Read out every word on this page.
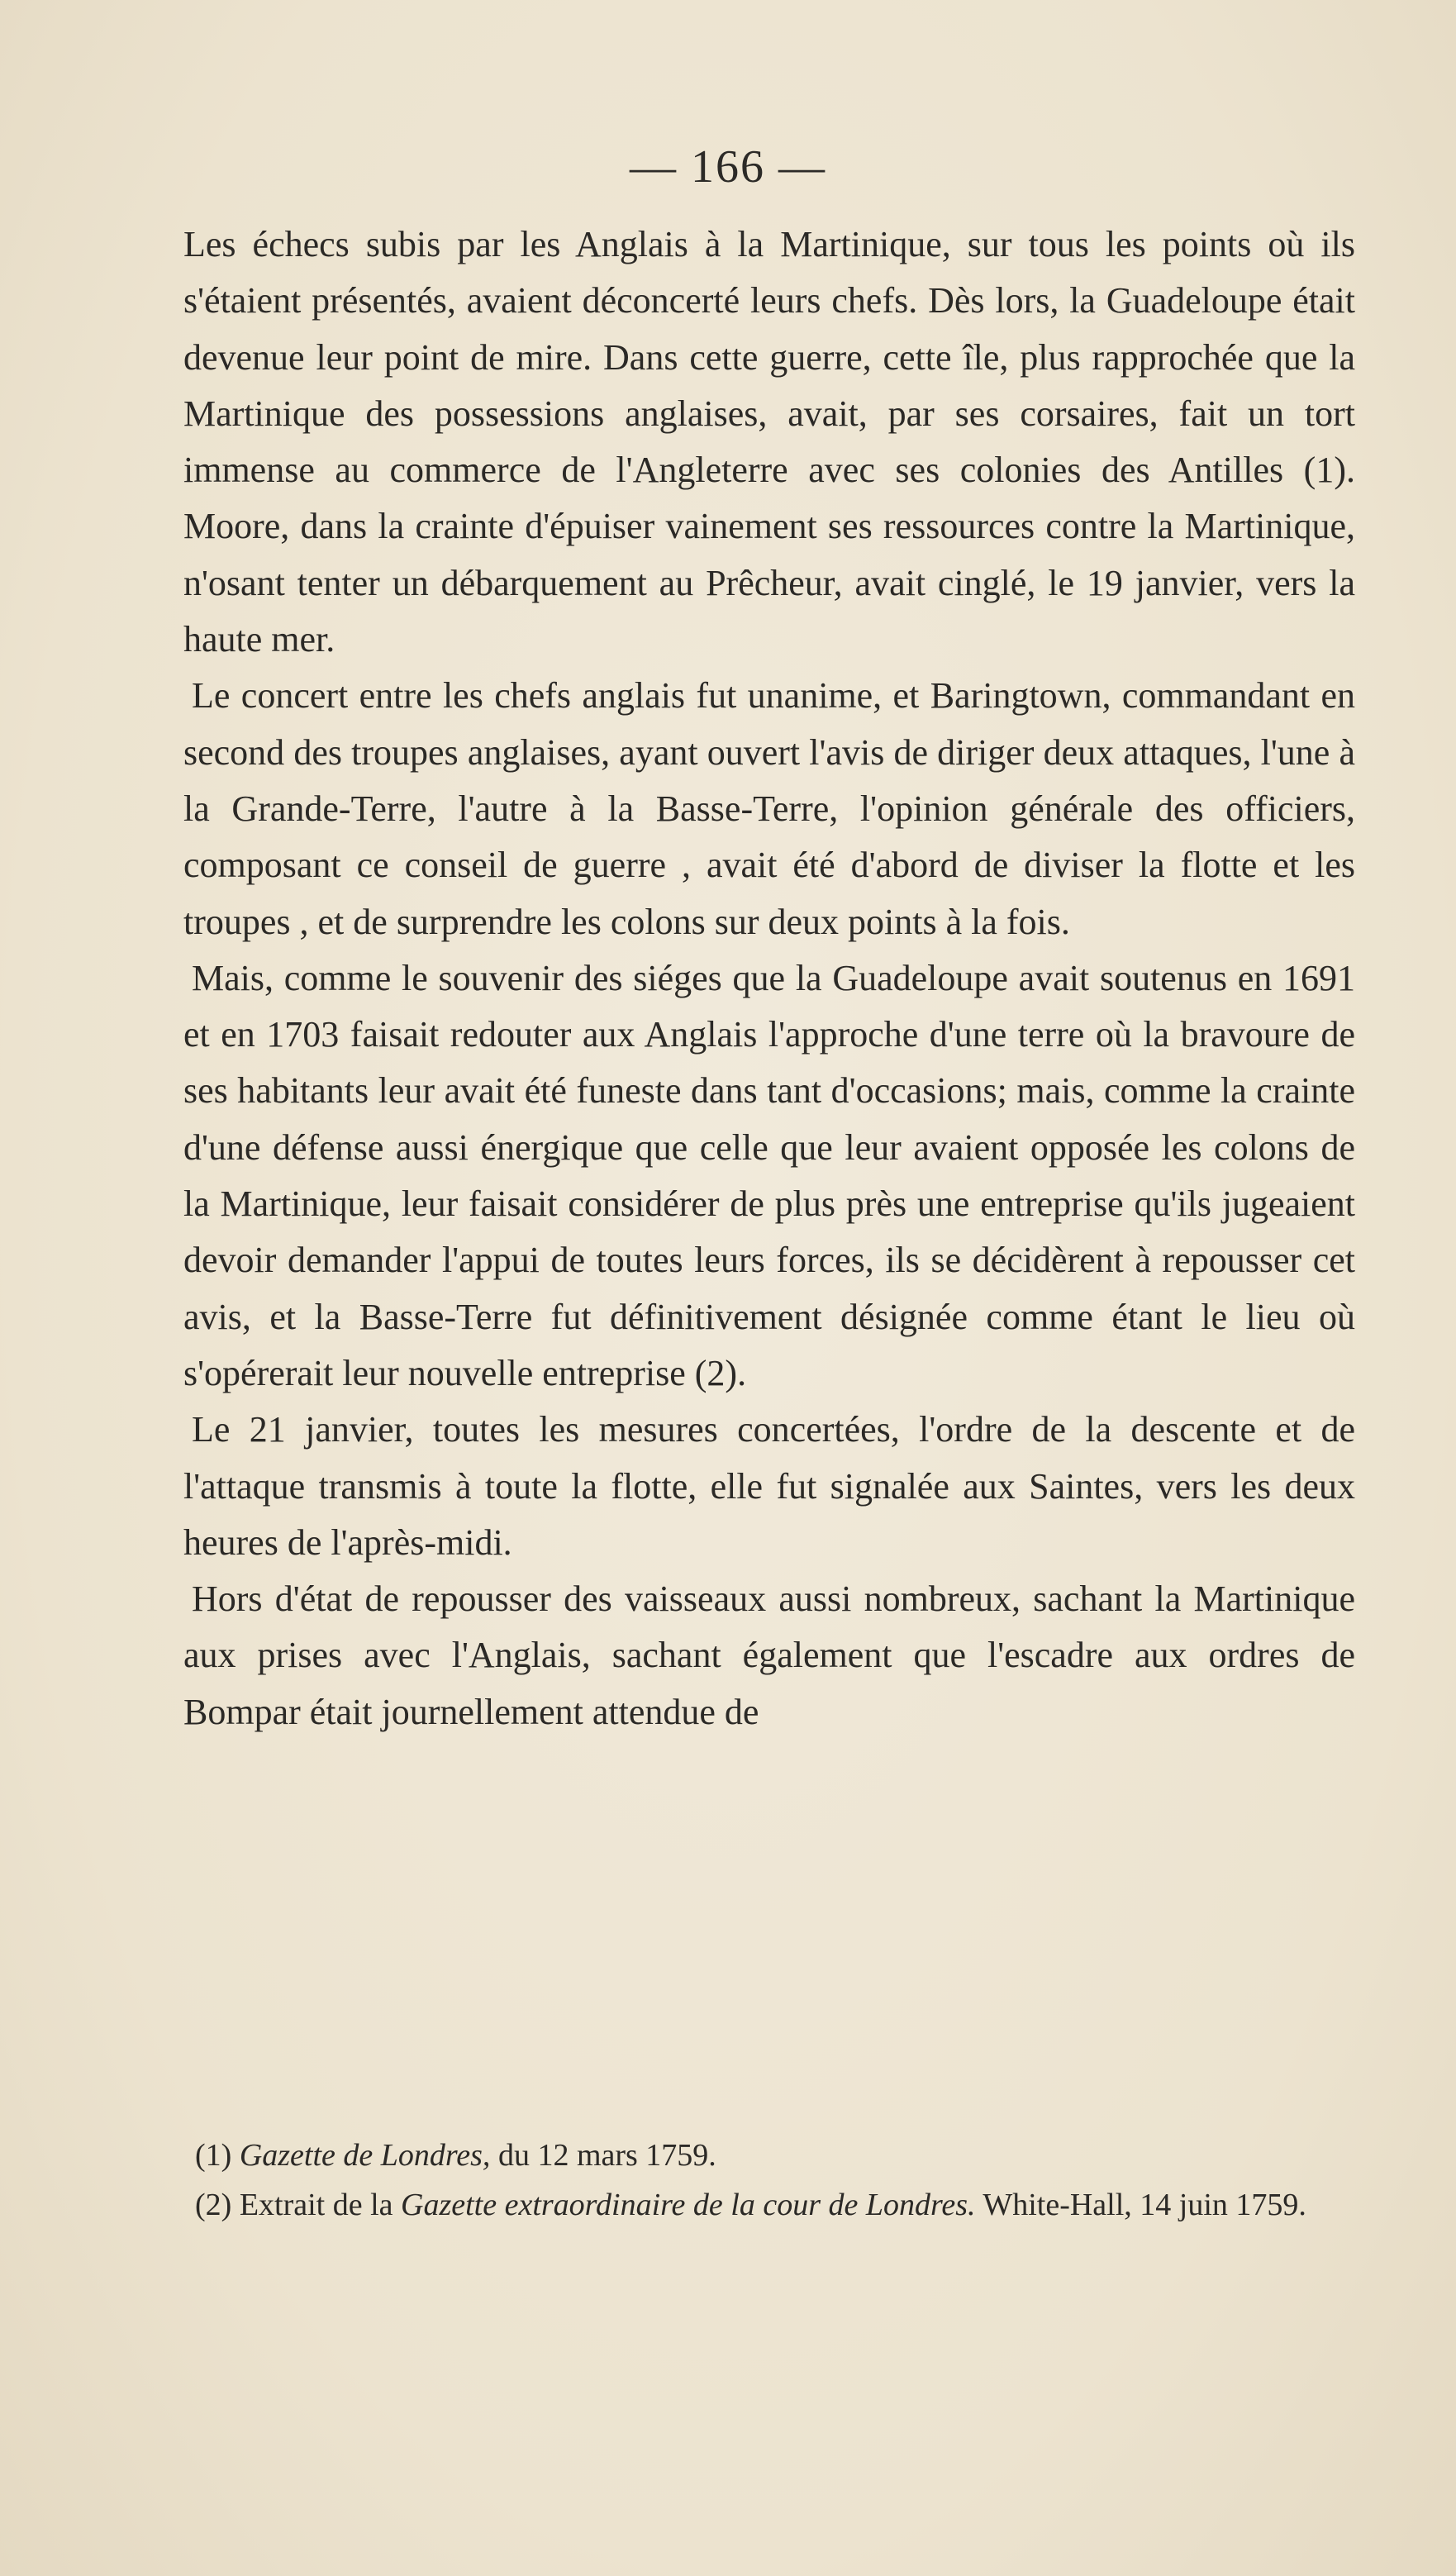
— 166 —

Les échecs subis par les Anglais à la Martinique, sur tous les points où ils s'étaient présentés, avaient déconcerté leurs chefs. Dès lors, la Guadeloupe était devenue leur point de mire. Dans cette guerre, cette île, plus rapprochée que la Martinique des possessions anglaises, avait, par ses corsaires, fait un tort immense au commerce de l'Angleterre avec ses colonies des Antilles (1). Moore, dans la crainte d'épuiser vainement ses ressources contre la Martinique, n'osant tenter un débarquement au Prêcheur, avait cinglé, le 19 janvier, vers la haute mer.

Le concert entre les chefs anglais fut unanime, et Baringtown, commandant en second des troupes anglaises, ayant ouvert l'avis de diriger deux attaques, l'une à la Grande-Terre, l'autre à la Basse-Terre, l'opinion générale des officiers, composant ce conseil de guerre , avait été d'abord de diviser la flotte et les troupes , et de surprendre les colons sur deux points à la fois.

Mais, comme le souvenir des siéges que la Guadeloupe avait soutenus en 1691 et en 1703 faisait redouter aux Anglais l'approche d'une terre où la bravoure de ses habitants leur avait été funeste dans tant d'occasions; mais, comme la crainte d'une défense aussi énergique que celle que leur avaient opposée les colons de la Martinique, leur faisait considérer de plus près une entreprise qu'ils jugeaient devoir demander l'appui de toutes leurs forces, ils se décidèrent à repousser cet avis, et la Basse-Terre fut définitivement désignée comme étant le lieu où s'opérerait leur nouvelle entreprise (2).

Le 21 janvier, toutes les mesures concertées, l'ordre de la descente et de l'attaque transmis à toute la flotte, elle fut signalée aux Saintes, vers les deux heures de l'après-midi.

Hors d'état de repousser des vaisseaux aussi nombreux, sachant la Martinique aux prises avec l'Anglais, sachant également que l'escadre aux ordres de Bompar était journellement attendue de

(1) Gazette de Londres, du 12 mars 1759.

(2) Extrait de la Gazette extraordinaire de la cour de Londres. White-Hall, 14 juin 1759.
